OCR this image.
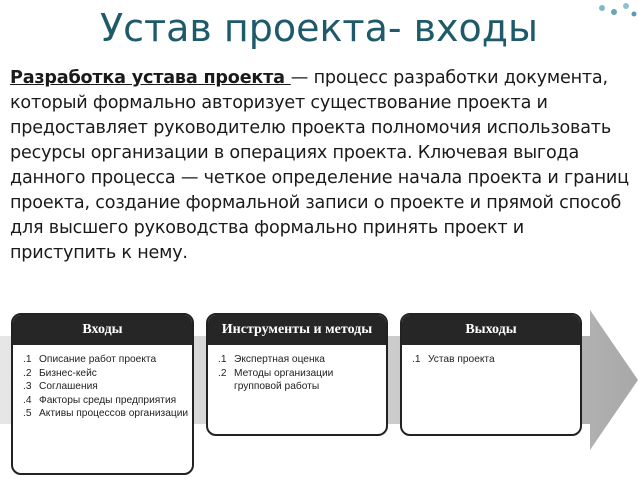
Устав проекта- входы
Разработка устава проекта — процесс разработки документа, который формально авторизует существование проекта и предоставляет руководителю проекта полномочия использовать ресурсы организации в операциях проекта. Ключевая выгода данного процесса — четкое определение начала проекта и границ проекта, создание формальной записи о проекте и прямой способ для высшего руководства формально принять проект и приступить к нему.
Входы
.1 Описание работ проекта
.2 Бизнес-кейс
.3 Соглашения
.4 Факторы среды предприятия
.5 Активы процессов организации
Инструменты и методы
.1 Экспертная оценка
.2 Методы организации групповой работы
Выходы
.1 Устав проекта
